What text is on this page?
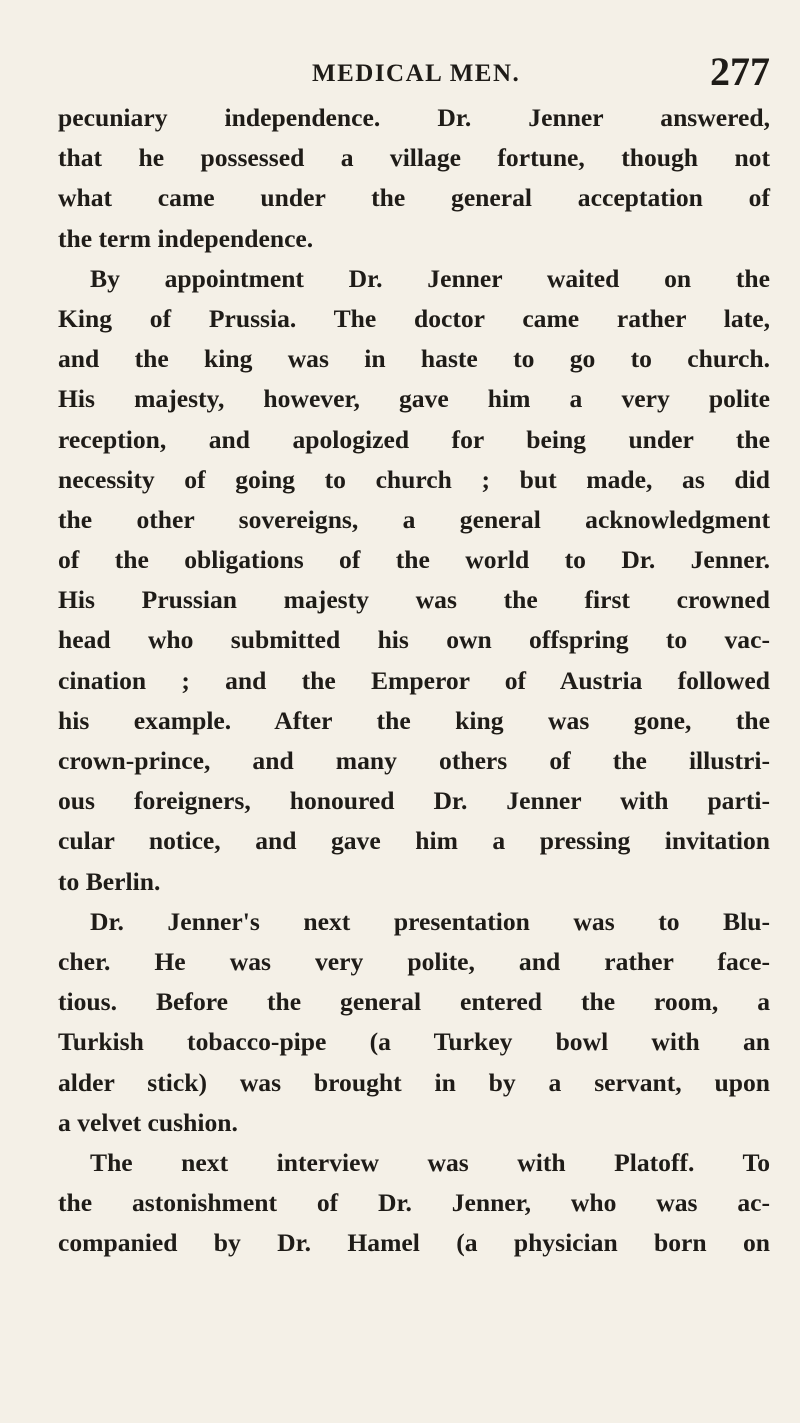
MEDICAL MEN.	277
pecuniary independence. Dr. Jenner answered,
that he possessed a village fortune, though not
what came under the general acceptation of
the term independence.
By appointment Dr. Jenner waited on the
King of Prussia. The doctor came rather late,
and the king was in haste to go to church.
His majesty, however, gave him a very polite
reception, and apologized for being under the
necessity of going to church ; but made, as did
the other sovereigns, a general acknowledgment
of the obligations of the world to Dr. Jenner.
His Prussian majesty was the first crowned
head who submitted his own offspring to vac-
cination ; and the Emperor of Austria followed
his example. After the king was gone, the
crown-prince, and many others of the illustri-
ous foreigners, honoured Dr. Jenner with parti-
cular notice, and gave him a pressing invitation
to Berlin.
Dr. Jenner's next presentation was to Blu-
cher. He was very polite, and rather face-
tious. Before the general entered the room, a
Turkish tobacco-pipe (a Turkey bowl with an
alder stick) was brought in by a servant, upon
a velvet cushion.
The next interview was with Platoff. To
the astonishment of Dr. Jenner, who was ac-
companied by Dr. Hamel (a physician born on
